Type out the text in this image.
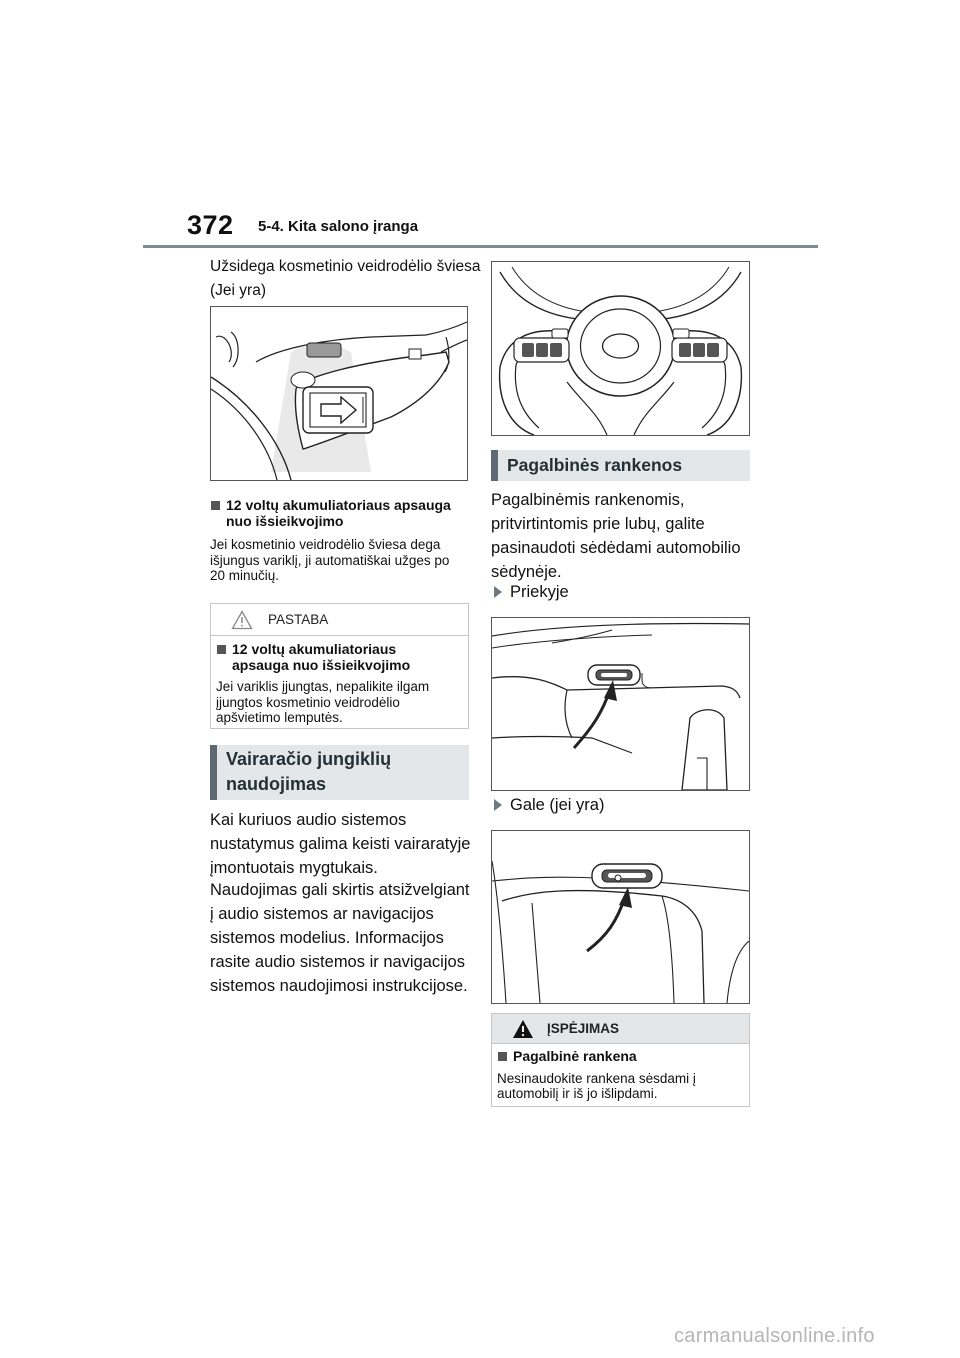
372 5-4. Kita salono įranga
Užsidega kosmetinio veidrodėlio šviesa
(Jei yra)
12 voltų akumuliatoriaus apsauga
nuo išsieikvojimo
Jei kosmetinio veidrodėlio šviesa dega
išjungus variklį, ji automatiškai užges po
20 minučių.
PASTABA
12 voltų akumuliatoriaus
apsauga nuo išsieikvojimo
Jei variklis įjungtas, nepalikite ilgam
įjungtos kosmetinio veidrodėlio
apšvietimo lemputės.
Vairaračio jungiklių
naudojimas
Kai kuriuos audio sistemos
nustatymus galima keisti vairaratyje
įmontuotais mygtukais.
Naudojimas gali skirtis atsižvelgiant
į audio sistemos ar navigacijos
sistemos modelius. Informacijos
rasite audio sistemos ir navigacijos
sistemos naudojimosi instrukcijose.
Pagalbinės rankenos
Pagalbinėmis rankenomis,
pritvirtintomis prie lubų, galite
pasinaudoti sėdėdami automobilio
sėdynėje.
Priekyje
Gale (jei yra)
ĮSPĖJIMAS
Pagalbinė rankena
Nesinaudokite rankena sėsdami į
automobilį ir iš jo išlipdami.
carmanualsonline.info
